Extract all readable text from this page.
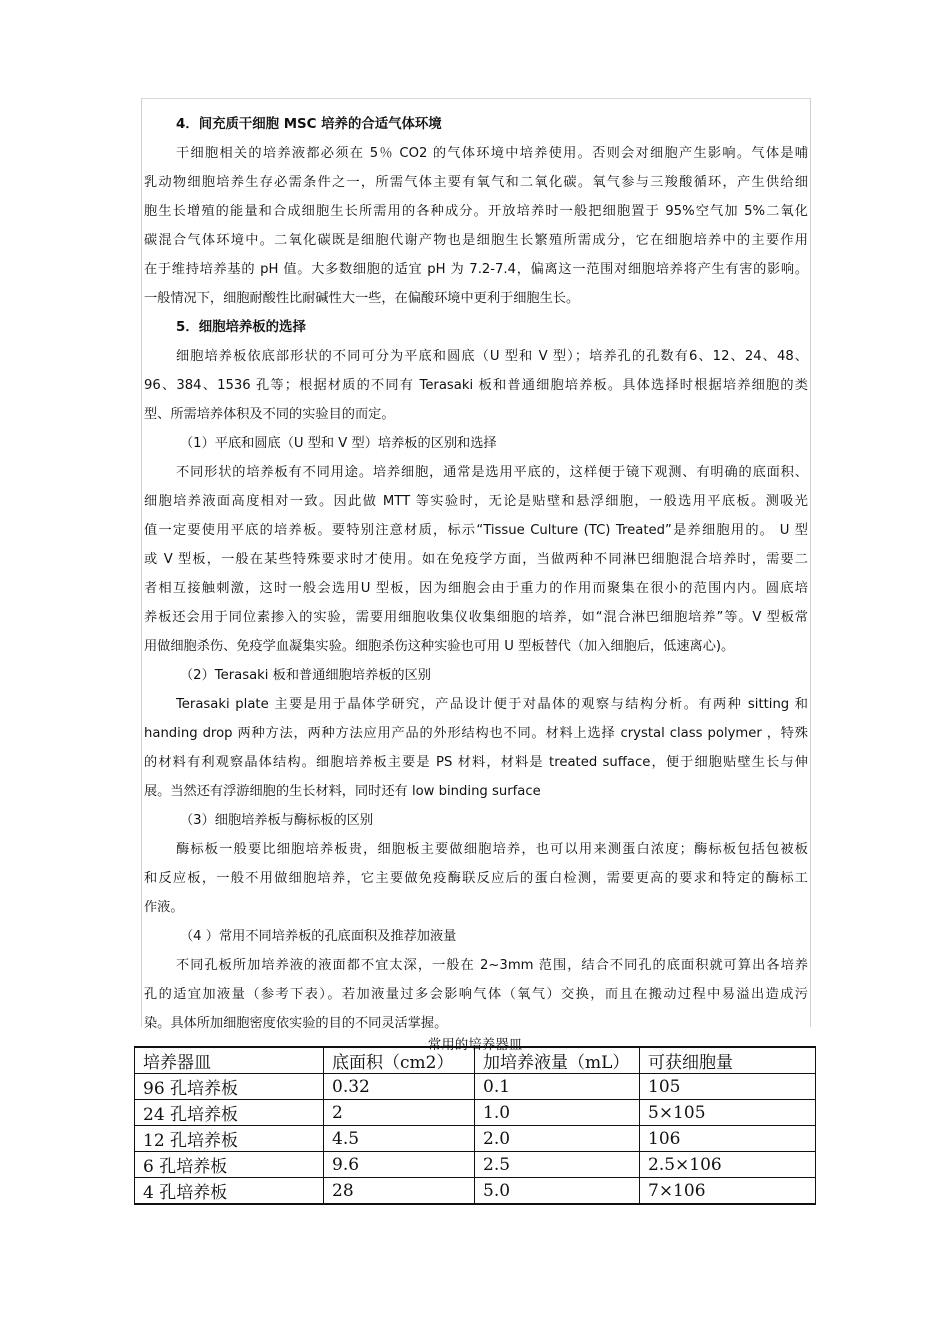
4．间充质干细胞 MSC 培养的合适气体环境
干细胞相关的培养液都必须在 5％ CO2 的气体环境中培养使用。否则会对细胞产生影响。气体是哺
乳动物细胞培养生存必需条件之一，所需气体主要有氧气和二氧化碳。氧气参与三羧酸循环，产生供给细
胞生长增殖的能量和合成细胞生长所需用的各种成分。开放培养时一般把细胞置于 95%空气加 5%二氧化
碳混合气体环境中。二氧化碳既是细胞代谢产物也是细胞生长繁殖所需成分，它在细胞培养中的主要作用
在于维持培养基的 pH 值。大多数细胞的适宜 pH 为 7.2-7.4，偏离这一范围对细胞培养将产生有害的影响。
一般情况下，细胞耐酸性比耐碱性大一些，在偏酸环境中更利于细胞生长。
5．细胞培养板的选择
细胞培养板依底部形状的不同可分为平底和圆底（U 型和 V 型）；培养孔的孔数有6、12、24、48、
96、384、1536 孔等；根据材质的不同有 Terasaki 板和普通细胞培养板。具体选择时根据培养细胞的类
型、所需培养体积及不同的实验目的而定。
（1）平底和圆底（U 型和 V 型）培养板的区别和选择
不同形状的培养板有不同用途。培养细胞，通常是选用平底的，这样便于镜下观测、有明确的底面积、
细胞培养液面高度相对一致。因此做 MTT 等实验时，无论是贴壁和悬浮细胞，一般选用平底板。测吸光
值一定要使用平底的培养板。要特别注意材质，标示“Tissue Culture (TC) Treated”是养细胞用的。 U 型
或 V 型板，一般在某些特殊要求时才使用。如在免疫学方面，当做两种不同淋巴细胞混合培养时，需要二
者相互接触刺激，这时一般会选用U 型板，因为细胞会由于重力的作用而聚集在很小的范围内内。圆底培
养板还会用于同位素掺入的实验，需要用细胞收集仪收集细胞的培养，如“混合淋巴细胞培养”等。V 型板常
用做细胞杀伤、免疫学血凝集实验。细胞杀伤这种实验也可用 U 型板替代（加入细胞后，低速离心)。
（2）Terasaki 板和普通细胞培养板的区别
Terasaki plate 主要是用于晶体学研究，产品设计便于对晶体的观察与结构分析。有两种 sitting 和
handing drop 两种方法，两种方法应用产品的外形结构也不同。材料上选择 crystal class polymer ，特殊
的材料有利观察晶体结构。细胞培养板主要是 PS 材料，材料是 treated suffac​e，便于细胞贴壁生长与伸
展。当然还有浮游细胞的生长材料，同时还有 low binding surface
（3）细胞培养板与酶标板的区别
酶标板一般要比细胞培养板贵，细胞板主要做细胞培养，也可以用来测蛋白浓度；酶标板包括包被板
和反应板，一般不用做细胞培养，它主要做免疫酶联反应后的蛋白检测，需要更高的要求和特定的酶标工
作液。
（4 ）常用不同培养板的孔底面积及推荐加液量
不同孔板所加培养液的液面都不宜太深，一般在 2~3mm 范围，结合不同孔的底面积就可算出各培养
孔的适宜加液量（参考下表）。若加液量过多会影响气体（氧气）交换，而且在搬动过程中易溢出造成污
染。具体所加细胞密度依实验的目的不同灵活掌握。
常用的培养器皿
培养器皿	底面积（cm2）	加培养液量（mL）	可获细胞量
96 孔培养板	0.32	0.1	105
24 孔培养板	2	1.0	5×105
12 孔培养板	4.5	2.0	106
6 孔培养板	9.6	2.5	2.5×106
4 孔培养板	28	5.0	7×106
